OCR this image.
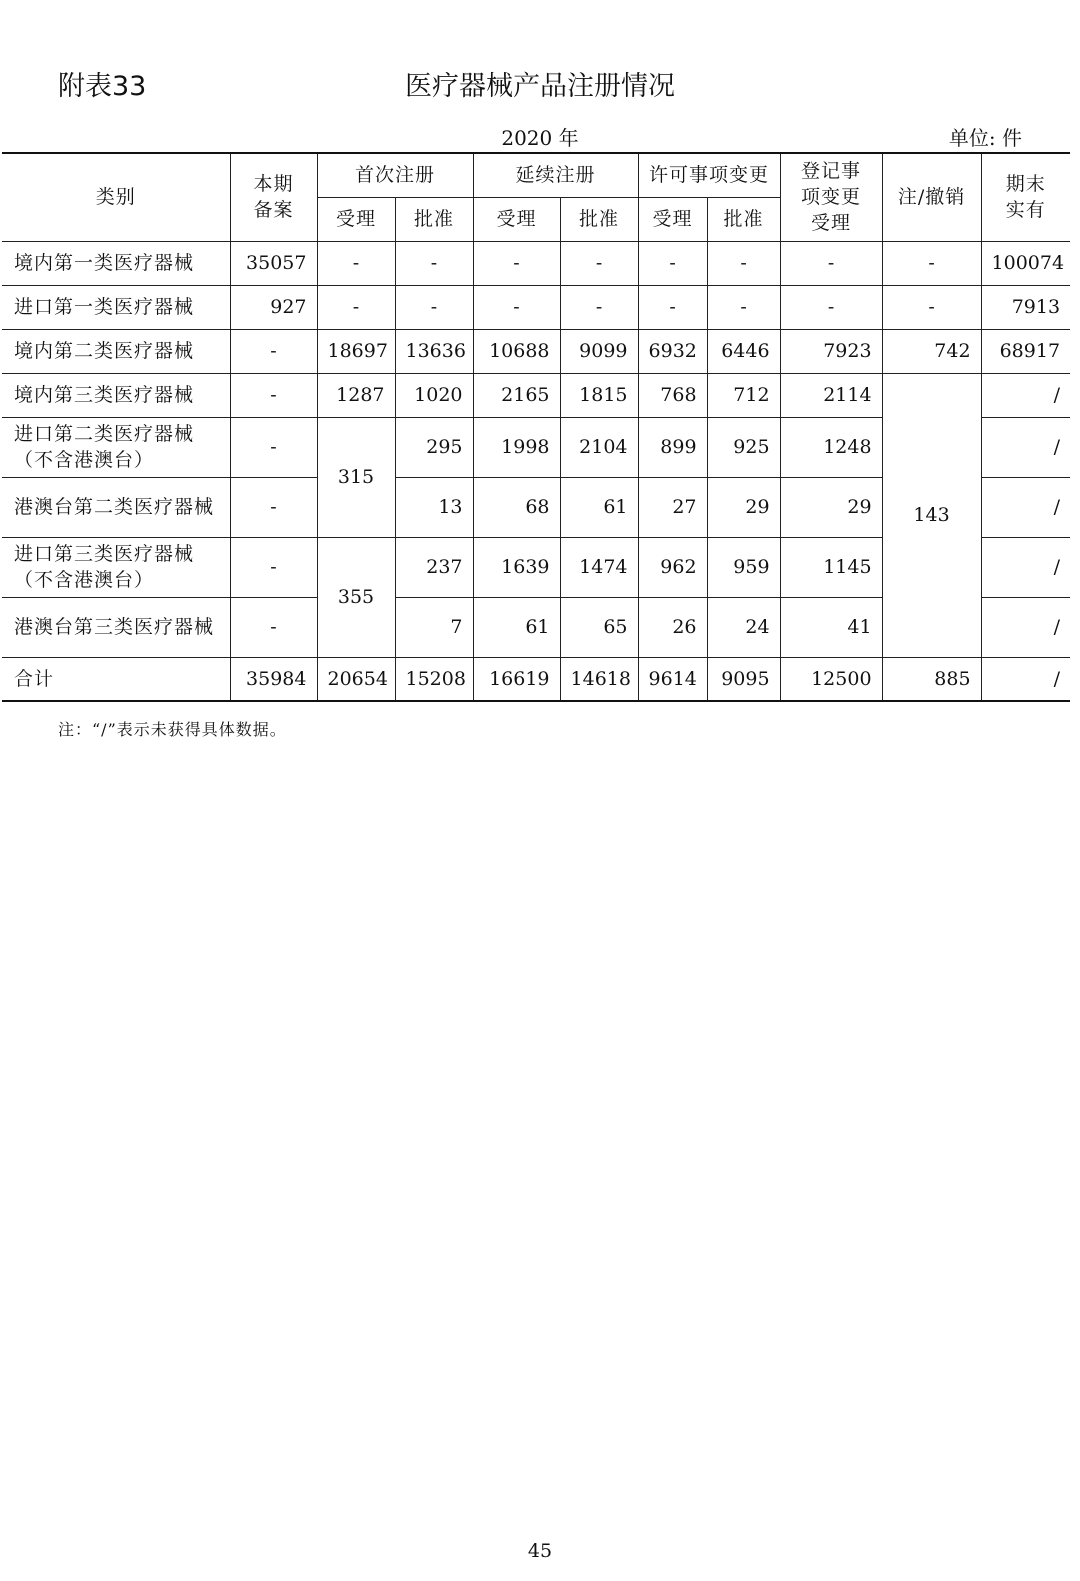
附表33	医疗器械产品注册情况
2020 年	单位: 件
类别	本期备案	首次注册		延续注册		许可事项变更		登记事项变更受理	注/撤销	期末实有
		受理	批准	受理	批准	受理	批准			
境内第一类医疗器械	35057	-	-	-	-	-	-	-	-	100074
进口第一类医疗器械	927	-	-	-	-	-	-	-	-	7913
境内第二类医疗器械	-	18697	13636	10688	9099	6932	6446	7923	742	68917
境内第三类医疗器械	-	1287	1020	2165	1815	768	712	2114	143	/
进口第二类医疗器械（不含港澳台）	-	315	295	1998	2104	899	925	1248		/
港澳台第二类医疗器械	-		13	68	61	27	29	29		/
进口第三类医疗器械（不含港澳台）	-	355	237	1639	1474	962	959	1145		/
港澳台第三类医疗器械	-		7	61	65	26	24	41		/
合计	35984	20654	15208	16619	14618	9614	9095	12500	885	/
注：“/”表示未获得具体数据。
45
